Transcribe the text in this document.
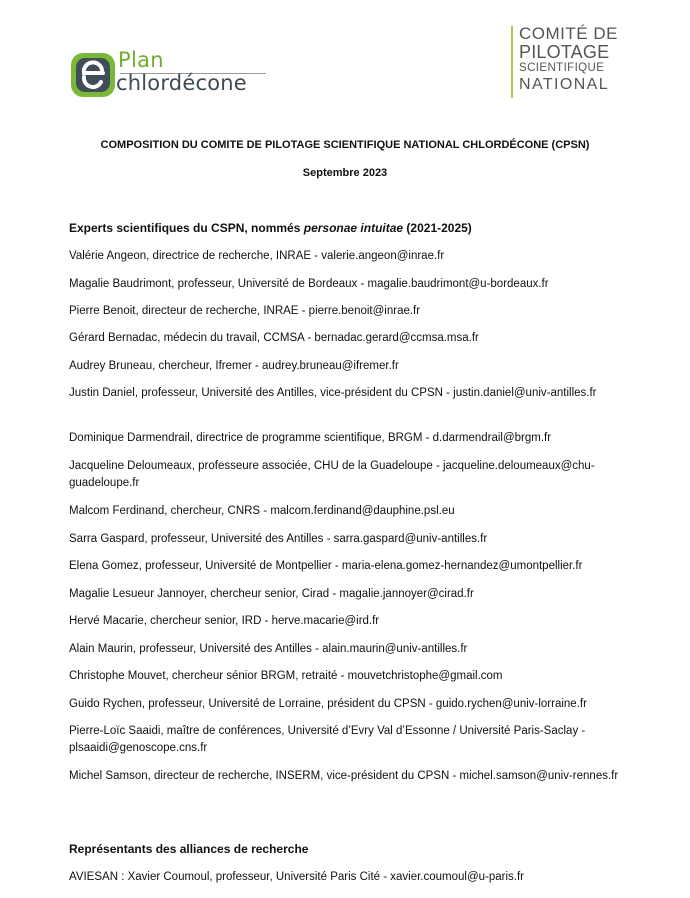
Plan
chlordécone
COMITÉ DE
PILOTAGE
SCIENTIFIQUE
NATIONAL
COMPOSITION DU COMITE DE PILOTAGE SCIENTIFIQUE NATIONAL CHLORDÉCONE (CPSN)
Septembre 2023
Experts scientifiques du CSPN, nommés personae intuitae (2021-2025)
Valérie Angeon, directrice de recherche, INRAE - valerie.angeon@inrae.fr
Magalie Baudrimont, professeur, Université de Bordeaux - magalie.baudrimont@u-bordeaux.fr
Pierre Benoit, directeur de recherche, INRAE - pierre.benoit@inrae.fr
Gérard Bernadac, médecin du travail, CCMSA - bernadac.gerard@ccmsa.msa.fr
Audrey Bruneau, chercheur, Ifremer - audrey.bruneau@ifremer.fr
Justin Daniel, professeur, Université des Antilles, vice-président du CPSN - justin.daniel@univ-antilles.fr
Dominique Darmendrail, directrice de programme scientifique, BRGM - d.darmendrail@brgm.fr
Jacqueline Deloumeaux, professeure associée, CHU de la Guadeloupe - jacqueline.deloumeaux@chu-guadeloupe.fr
Malcom Ferdinand, chercheur, CNRS - malcom.ferdinand@dauphine.psl.eu
Sarra Gaspard, professeur, Université des Antilles - sarra.gaspard@univ-antilles.fr
Elena Gomez, professeur, Université de Montpellier - maria-elena.gomez-hernandez@umontpellier.fr
Magalie Lesueur Jannoyer, chercheur senior, Cirad - magalie.jannoyer@cirad.fr
Hervé Macarie, chercheur senior, IRD - herve.macarie@ird.fr
Alain Maurin, professeur, Université des Antilles - alain.maurin@univ-antilles.fr
Christophe Mouvet, chercheur sénior BRGM, retraité - mouvetchristophe@gmail.com
Guido Rychen, professeur, Université de Lorraine, président du CPSN - guido.rychen@univ-lorraine.fr
Pierre-Loïc Saaidi, maître de conférences, Université d’Evry Val d’Essonne / Université Paris-Saclay - plsaaidi@genoscope.cns.fr
Michel Samson, directeur de recherche, INSERM, vice-président du CPSN - michel.samson@univ-rennes.fr
Représentants des alliances de recherche
AVIESAN : Xavier Coumoul, professeur, Université Paris Cité - xavier.coumoul@u-paris.fr
